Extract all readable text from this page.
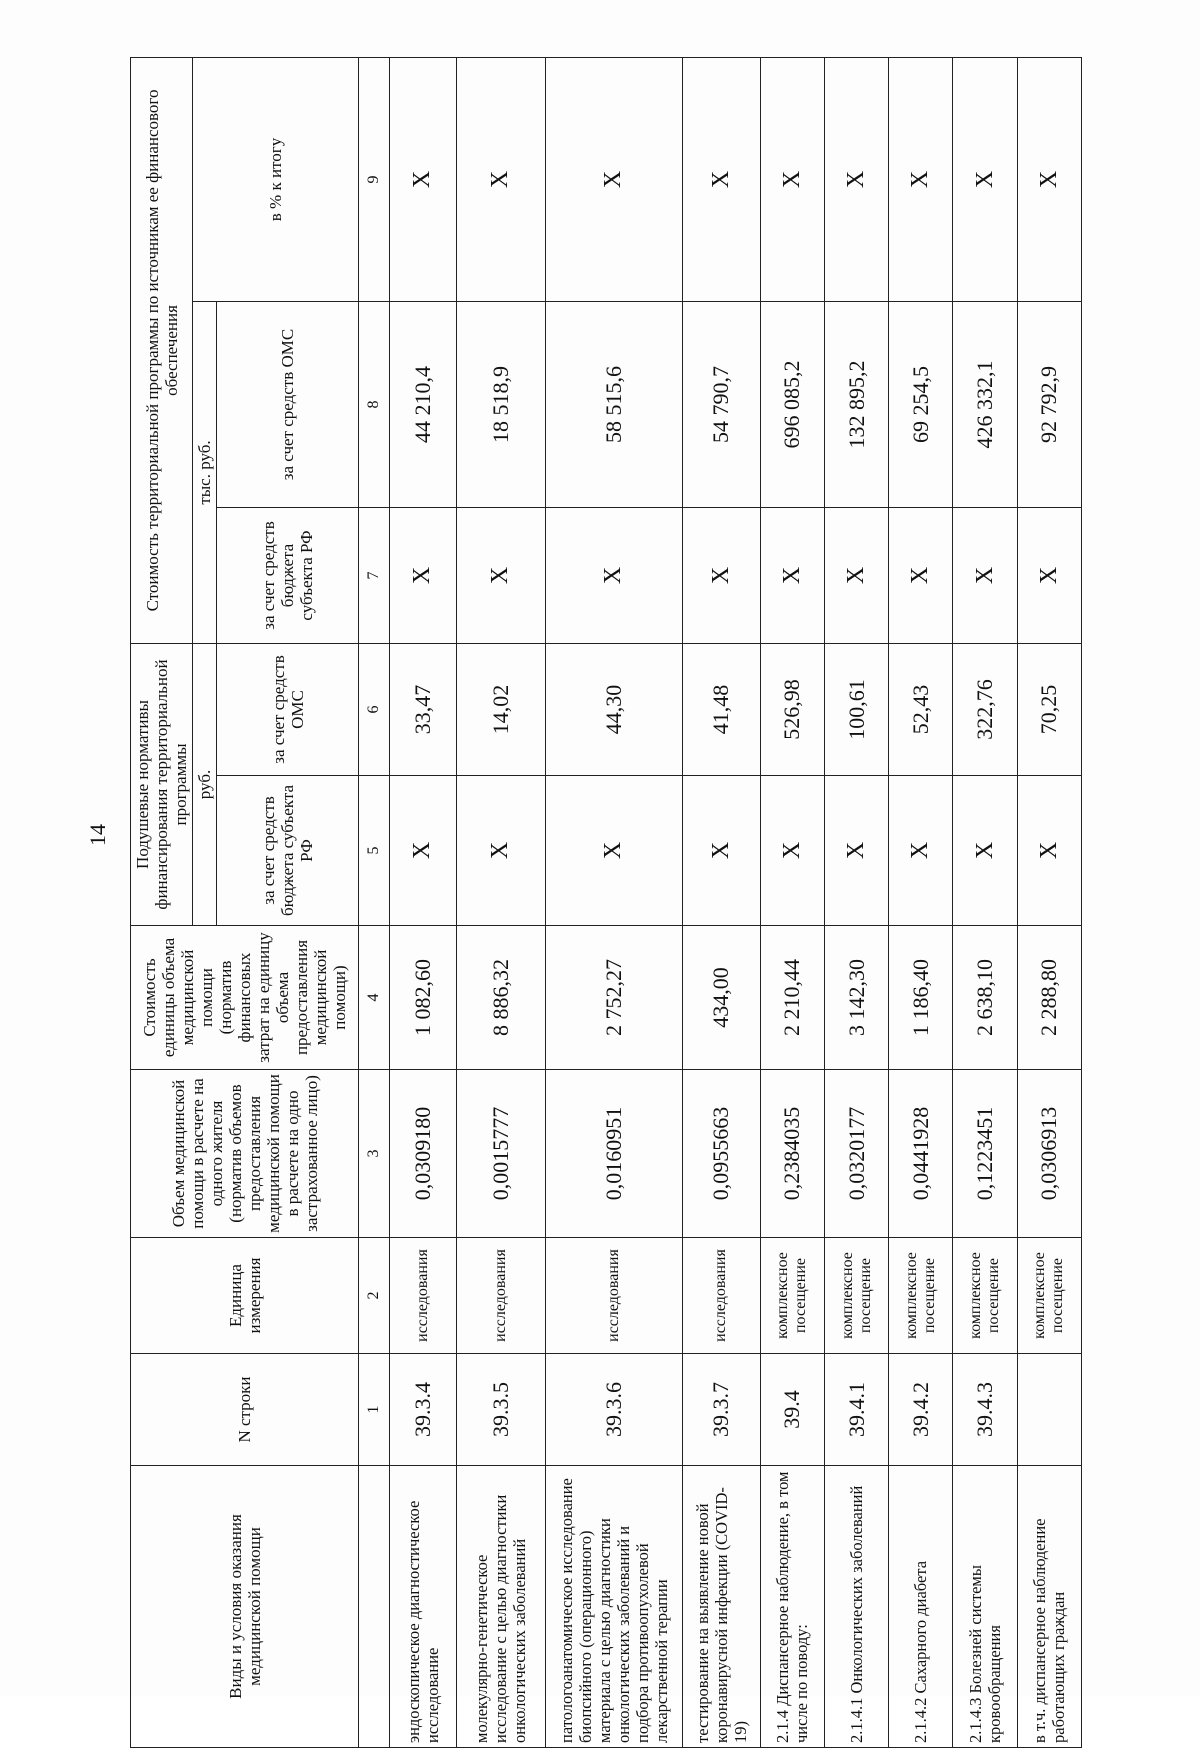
14
Виды и условия оказания медицинской помощи	N строки	Единица измерения	Объем медицинской помощи в расчете на одного жителя (норматив объемов предоставления медицинской помощи в расчете на одно застрахованное лицо)	Стоимость единицы объема медицинской помощи (норматив финансовых затрат на единицу объема предоставления медицинской помощи)	Подушевые нормативы финансирования территориальной программы		Стоимость территориальной программы по источникам ее финансового обеспечения		
					руб.		тыс. руб.		в % к итогу
					за счет средств бюджета субъекта РФ	за счет средств ОМС	за счет средств бюджета субъекта РФ	за счет средств ОМС	
	1	2	3	4	5	6	7	8	9
эндоскопическое диагностическое исследование	39.3.4	исследования	0,0309180	1 082,60	X	33,47	X	44 210,4	X
молекулярно-генетическое исследование с целью диагностики онкологических заболеваний	39.3.5	исследования	0,0015777	8 886,32	X	14,02	X	18 518,9	X
патологоанатомическое исследование биопсийного (операционного) материала с целью диагностики онкологических заболеваний и подбора противоопухолевой лекарственной терапии	39.3.6	исследования	0,0160951	2 752,27	X	44,30	X	58 515,6	X
тестирование на выявление новой коронавирусной инфекции (COVID-19)	39.3.7	исследования	0,0955663	434,00	X	41,48	X	54 790,7	X
2.1.4 Диспансерное наблюдение, в том числе по поводу:	39.4	комплексное посещение	0,2384035	2 210,44	X	526,98	X	696 085,2	X
2.1.4.1 Онкологических заболеваний	39.4.1	комплексное посещение	0,0320177	3 142,30	X	100,61	X	132 895,2	X
2.1.4.2 Сахарного диабета	39.4.2	комплексное посещение	0,0441928	1 186,40	X	52,43	X	69 254,5	X
2.1.4.3 Болезней системы кровообращения	39.4.3	комплексное посещение	0,1223451	2 638,10	X	322,76	X	426 332,1	X
в т.ч. диспансерное наблюдение работающих граждан		комплексное посещение	0,0306913	2 288,80	X	70,25	X	92 792,9	X
